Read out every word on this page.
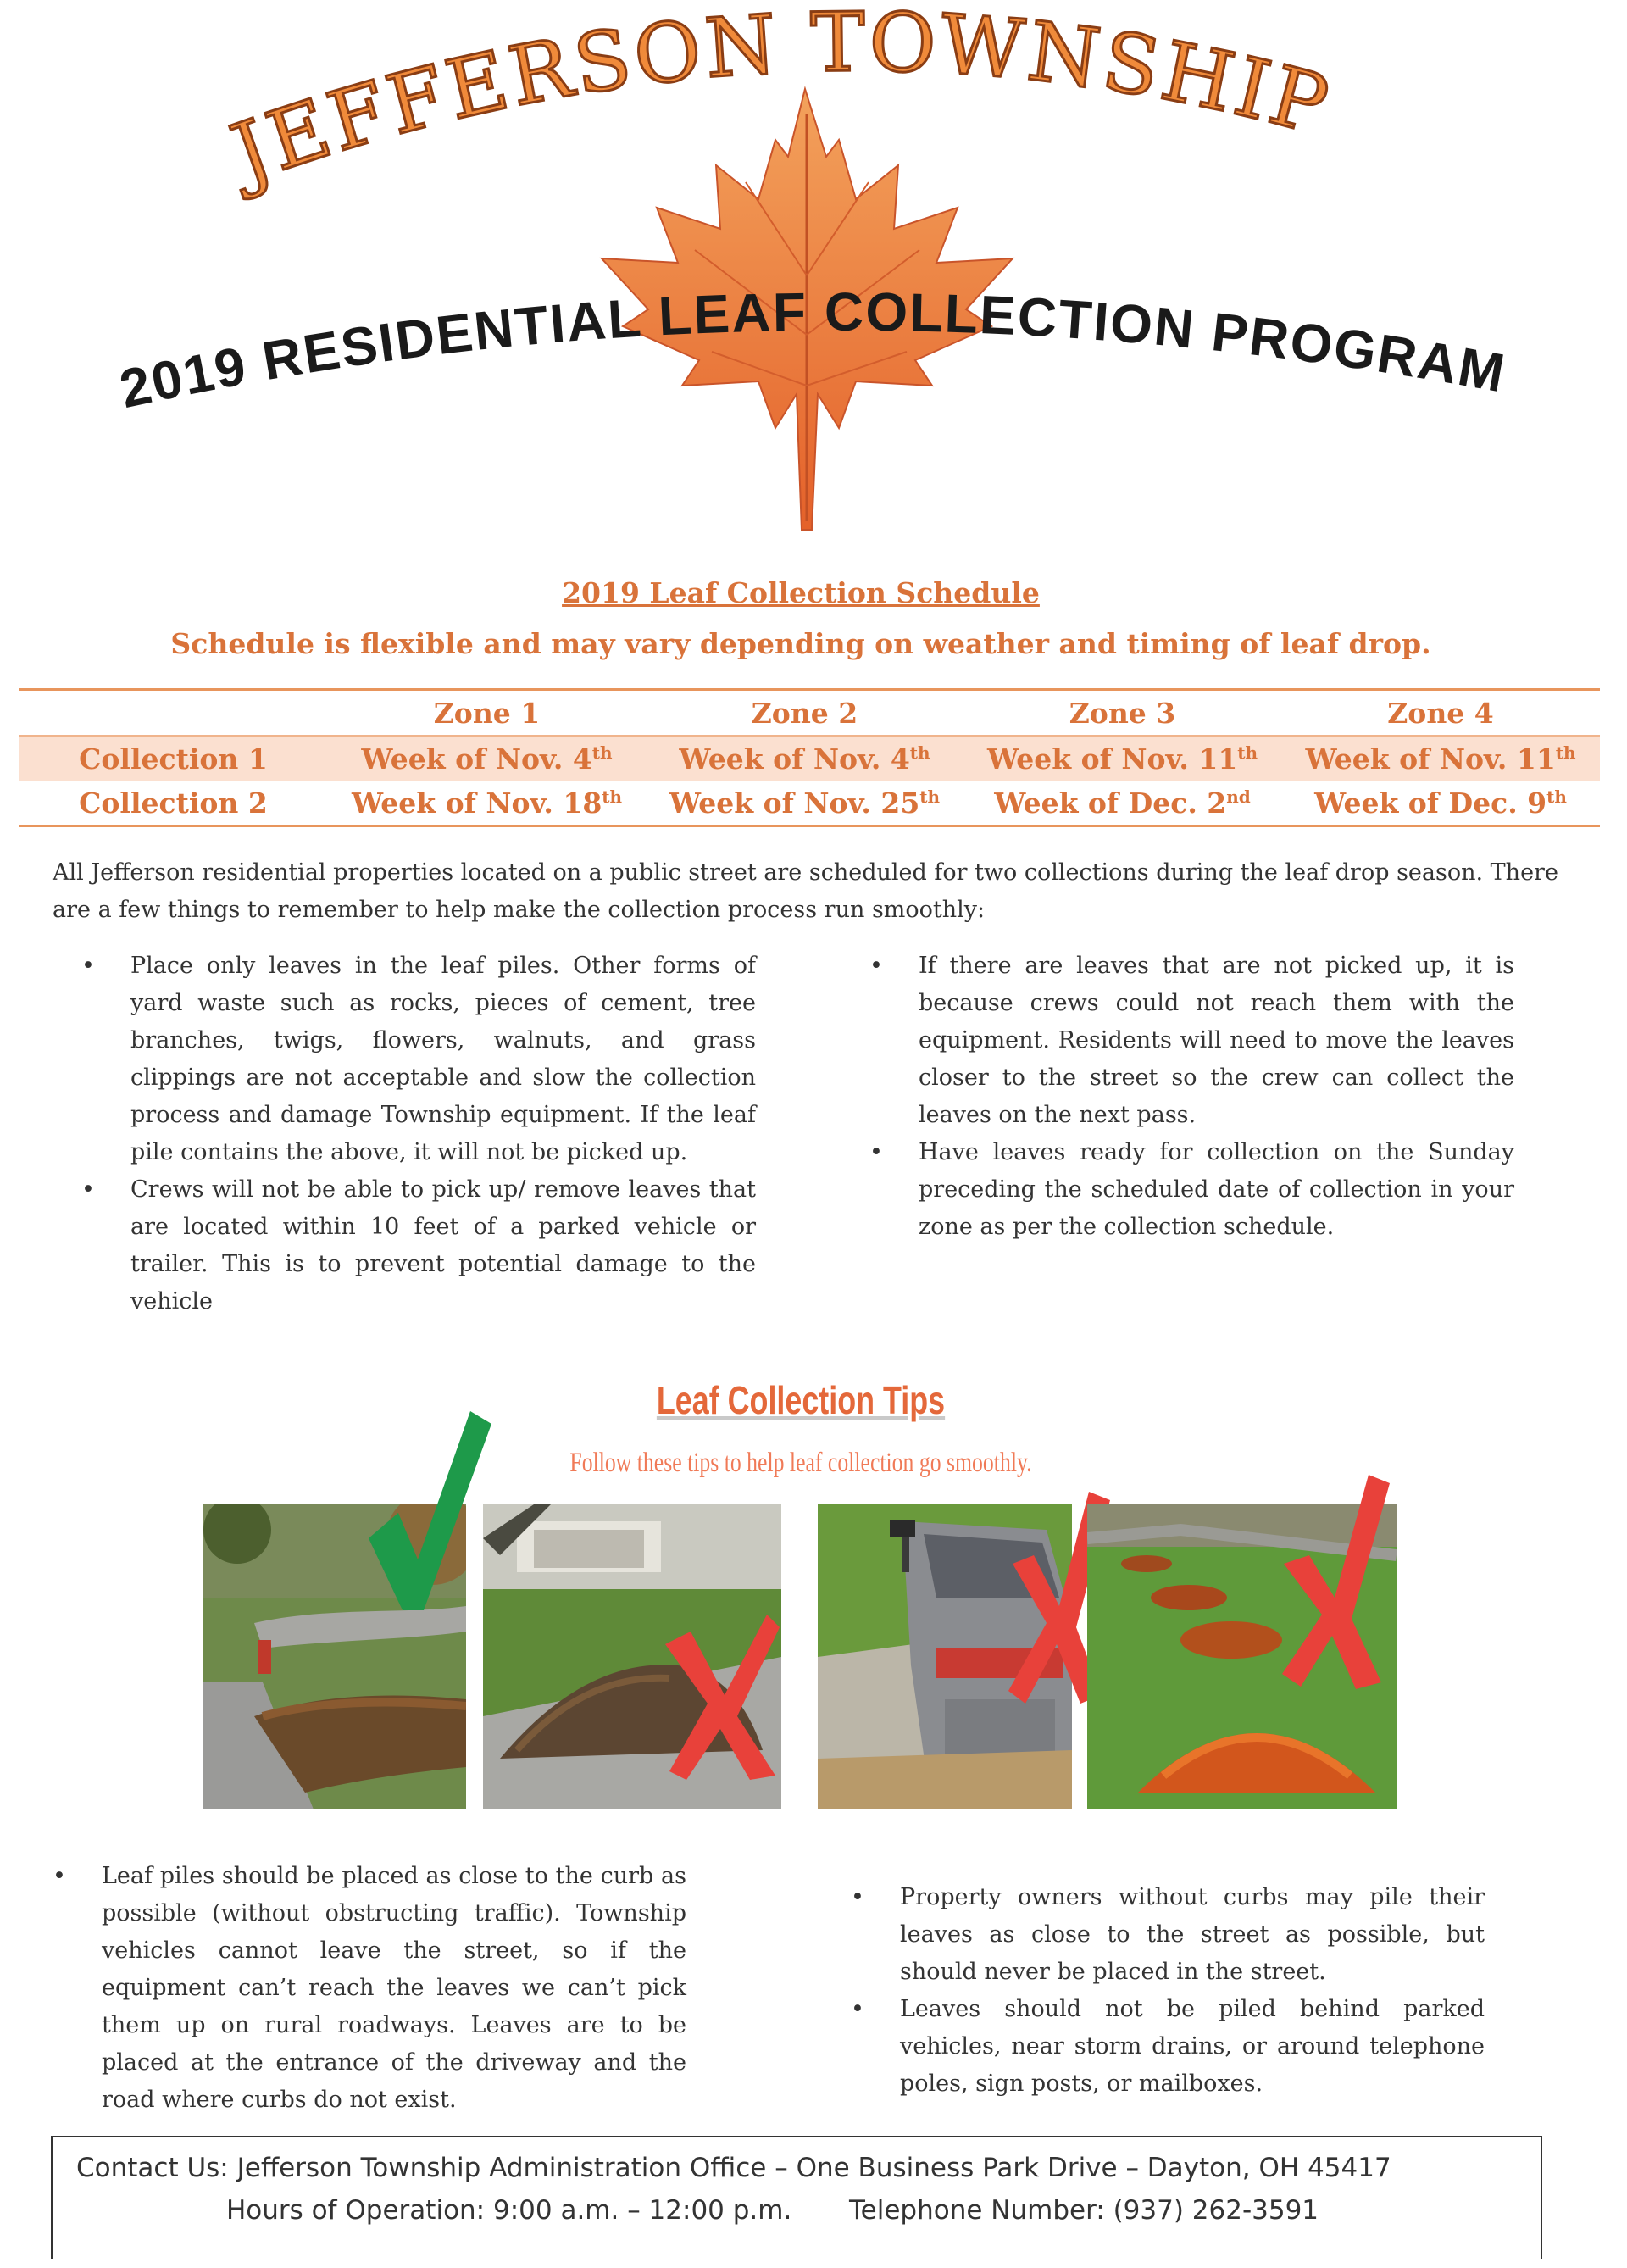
JEFFERSON TOWNSHIP
2019 RESIDENTIAL LEAF COLLECTION PROGRAM
2019 Leaf Collection Schedule
Schedule is flexible and may vary depending on weather and timing of leaf drop.
	Zone 1	Zone 2	Zone 3	Zone 4
Collection 1	Week of Nov. 4th	Week of Nov. 4th	Week of Nov. 11th	Week of Nov. 11th
Collection 2	Week of Nov. 18th	Week of Nov. 25th	Week of Dec. 2nd	Week of Dec. 9th
All Jefferson residential properties located on a public street are scheduled for two collections during the leaf drop season. There are a few things to remember to help make the collection process run smoothly:
• Place only leaves in the leaf piles. Other forms of yard waste such as rocks, pieces of cement, tree branches, twigs, flowers, walnuts, and grass clippings are not acceptable and slow the collection process and damage Township equipment. If the leaf pile contains the above, it will not be picked up.
• Crews will not be able to pick up/ remove leaves that are located within 10 feet of a parked vehicle or trailer. This is to prevent potential damage to the vehicle
• If there are leaves that are not picked up, it is because crews could not reach them with the equipment. Residents will need to move the leaves closer to the street so the crew can collect the leaves on the next pass.
• Have leaves ready for collection on the Sunday preceding the scheduled date of collection in your zone as per the collection schedule.
Leaf Collection Tips
Follow these tips to help leaf collection go smoothly.
• Leaf piles should be placed as close to the curb as possible (without obstructing traffic). Township vehicles cannot leave the street, so if the equipment can’t reach the leaves we can’t pick them up on rural roadways. Leaves are to be placed at the entrance of the driveway and the road where curbs do not exist.
• Property owners without curbs may pile their leaves as close to the street as possible, but should never be placed in the street.
• Leaves should not be piled behind parked vehicles, near storm drains, or around telephone poles, sign posts, or mailboxes.
Contact Us: Jefferson Township Administration Office – One Business Park Drive – Dayton, OH 45417
Hours of Operation: 9:00 a.m. – 12:00 p.m. Telephone Number: (937) 262-3591
